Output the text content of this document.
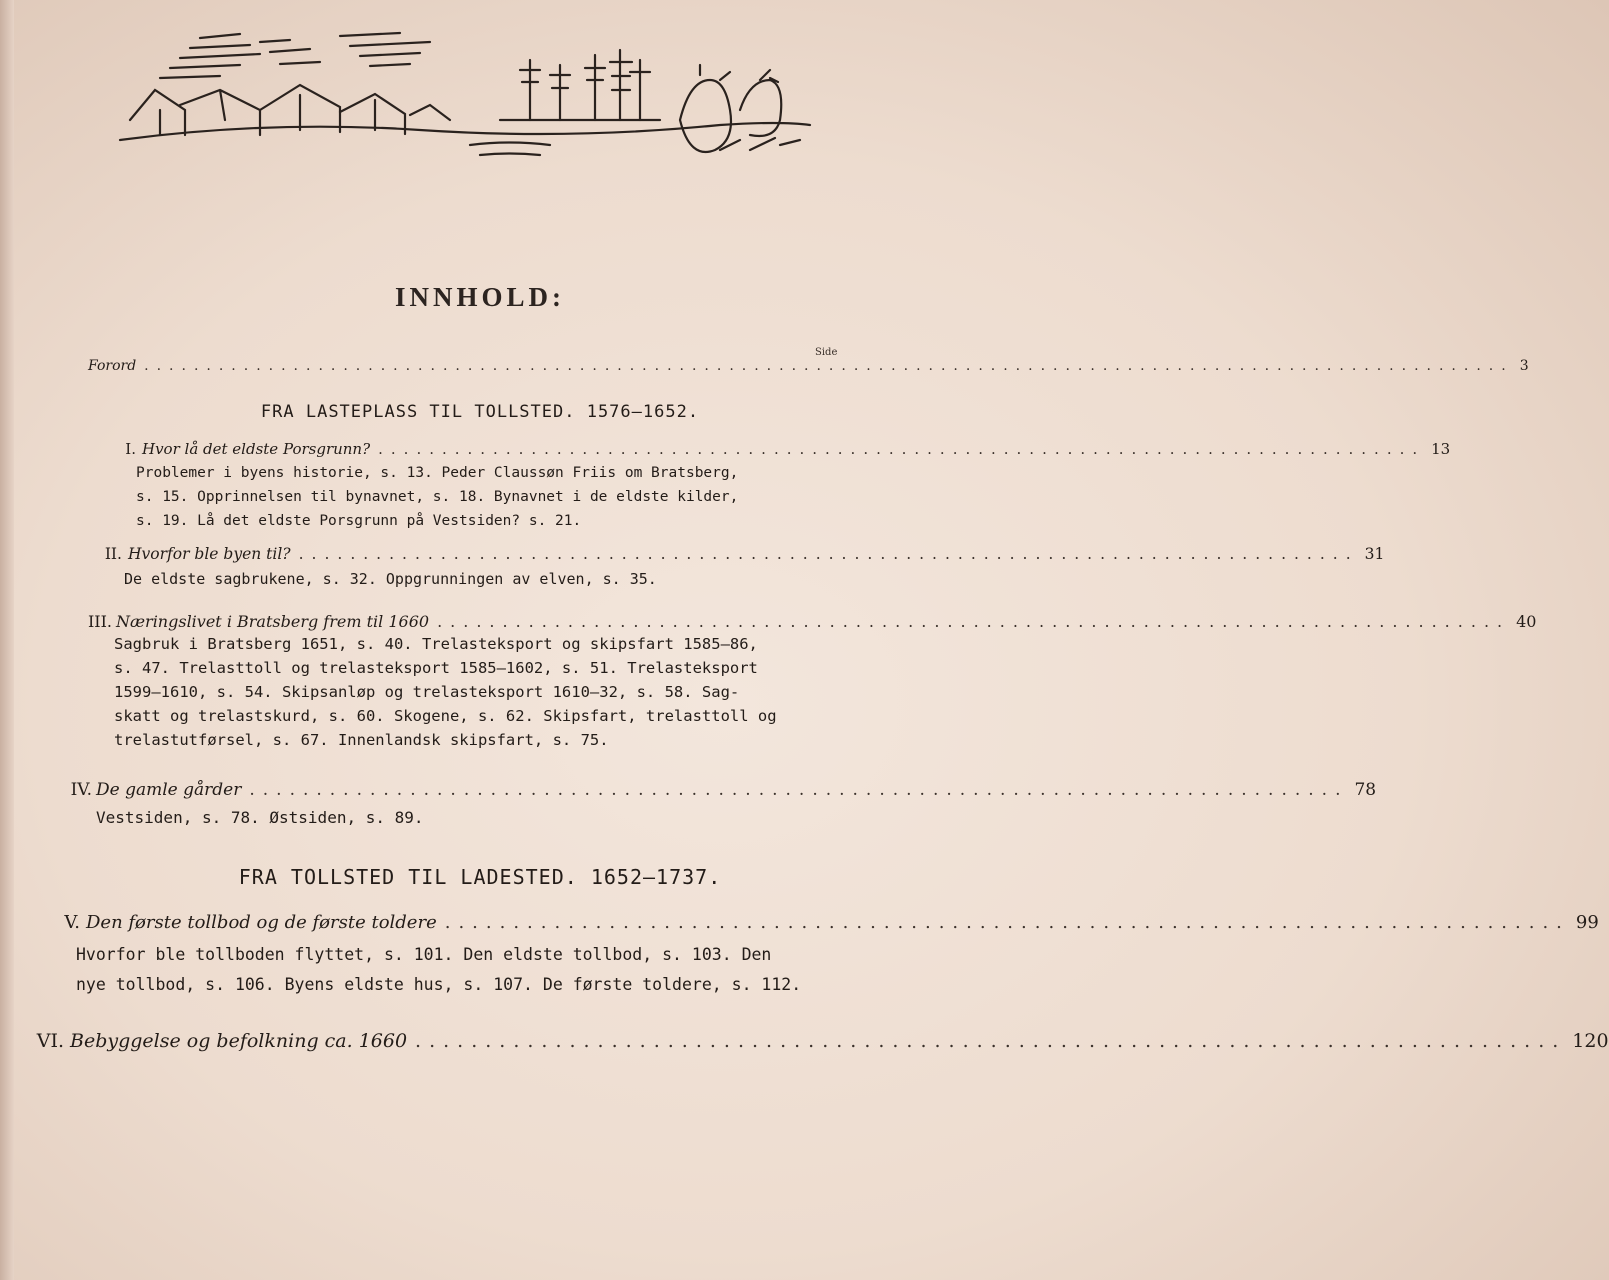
INNHOLD:
Side
Forord .............................................................................................................. 3
FRA LASTEPLASS TIL TOLLSTED. 1576—1652.
I. Hvor lå det eldste Porsgrunn? .................................................................................. 13
Problemer i byens historie, s. 13. Peder Claussøn Friis om Bratsberg,
s. 15. Opprinnelsen til bynavnet, s. 18. Bynavnet i de eldste kilder,
s. 19. Lå det eldste Porsgrunn på Vestsiden? s. 21.
II. Hvorfor ble byen til? .................................................................................. 31
De eldste sagbrukene, s. 32. Oppgrunningen av elven, s. 35.
III. Næringslivet i Bratsberg frem til 1660 .................................................................................. 40
Sagbruk i Bratsberg 1651, s. 40. Trelasteksport og skipsfart 1585—86,
s. 47. Trelasttoll og trelasteksport 1585—1602, s. 51. Trelasteksport
1599—1610, s. 54. Skipsanløp og trelasteksport 1610—32, s. 58. Sag-
skatt og trelastskurd, s. 60. Skogene, s. 62. Skipsfart, trelasttoll og
trelastutførsel, s. 67. Innenlandsk skipsfart, s. 75.
IV. De gamle gårder .................................................................................. 78
Vestsiden, s. 78. Østsiden, s. 89.
FRA TOLLSTED TIL LADESTED. 1652—1737.
V. Den første tollbod og de første toldere .................................................................................. 99
Hvorfor ble tollboden flyttet, s. 101. Den eldste tollbod, s. 103. Den
nye tollbod, s. 106. Byens eldste hus, s. 107. De første toldere, s. 112.
VI. Bebyggelse og befolkning ca. 1660 .................................................................................. 120
